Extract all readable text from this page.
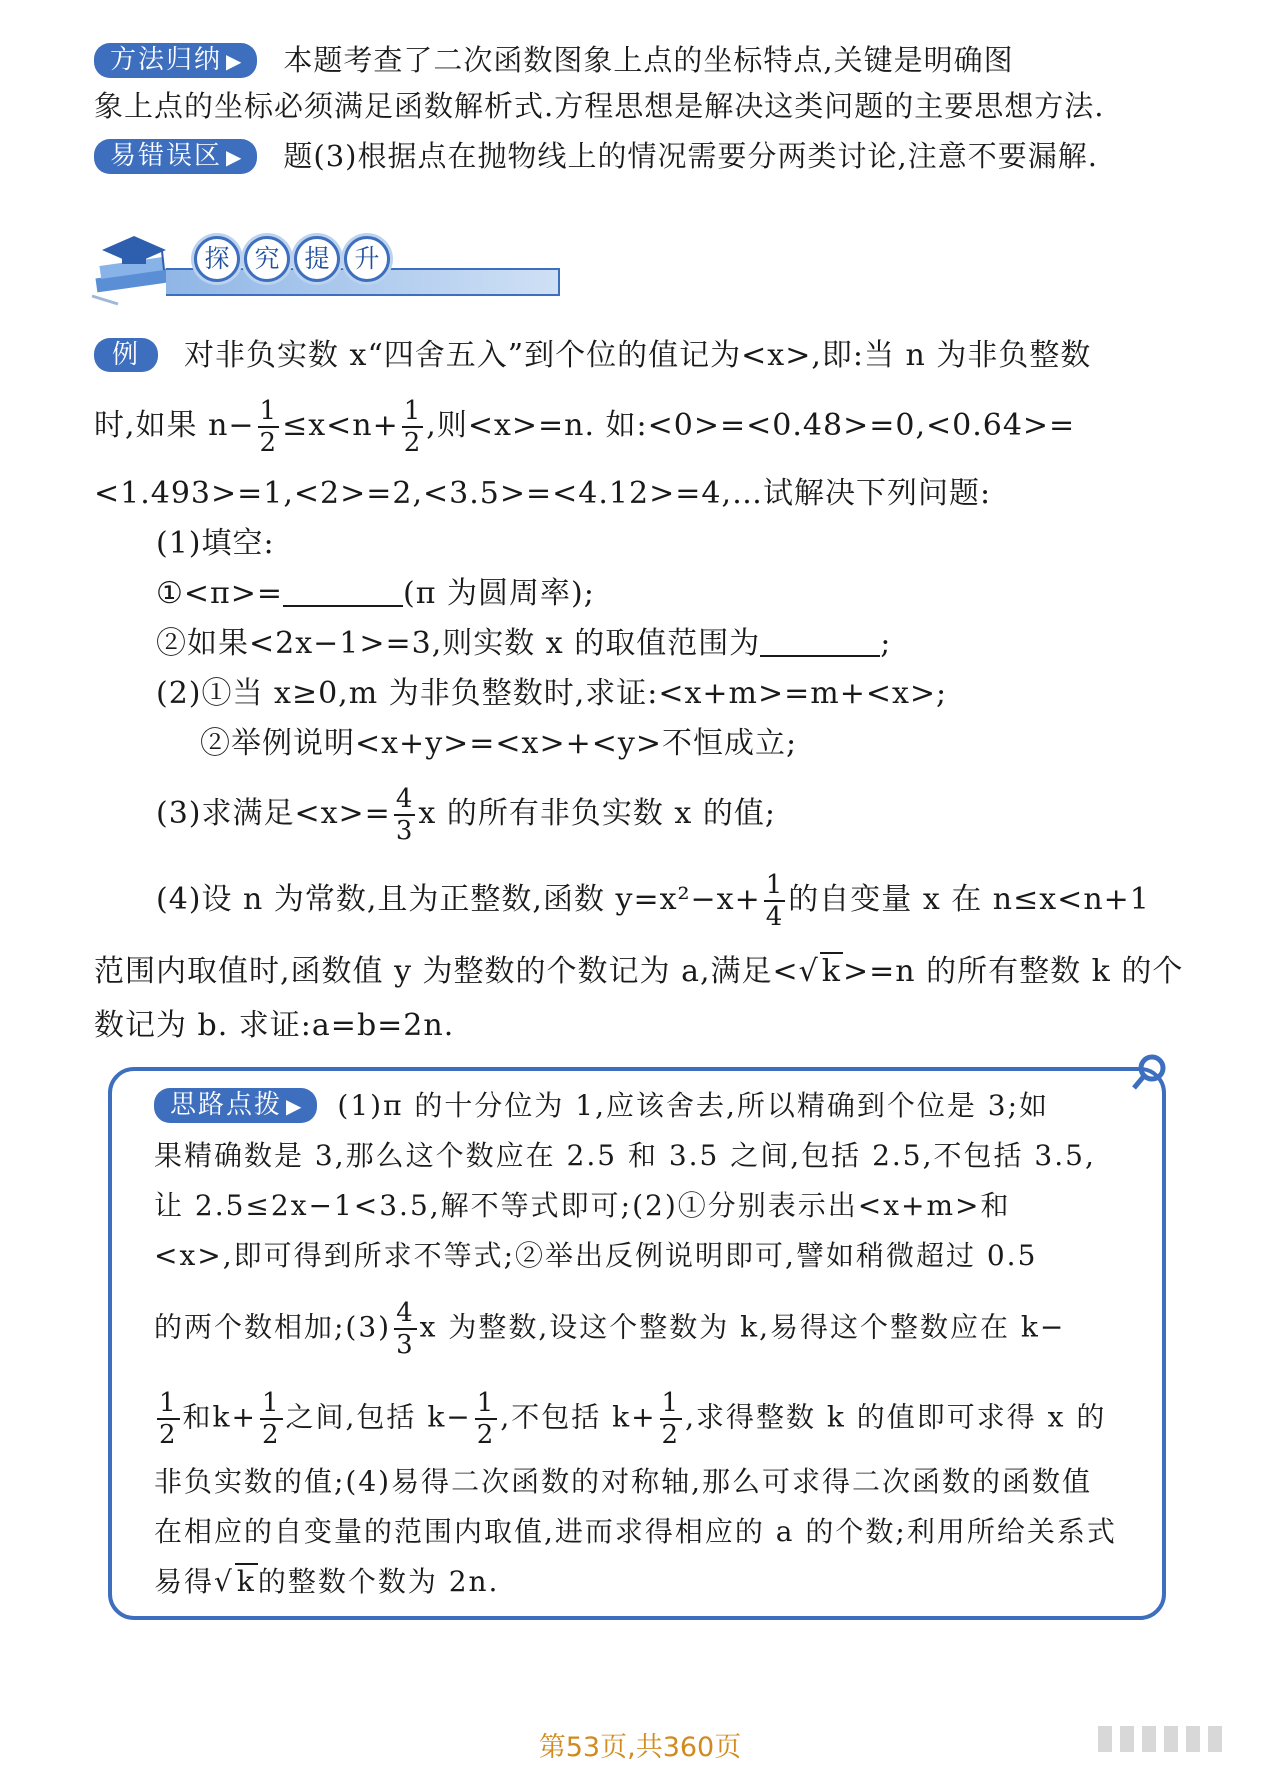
方法归纳 ▶ 本题考查了二次函数图象上点的坐标特点,关键是明确图
象上点的坐标必须满足函数解析式.方程思想是解决这类问题的主要思想方法.
易错误区 ▶ 题(3)根据点在抛物线上的情况需要分两类讨论,注意不要漏解.
探 究 提 升
例 对非负实数 x“四舍五入”到个位的值记为<x>,即:当 n 为非负整数
时,如果 $n- \frac{1}{2} \le x<n+ \frac{1}{2}$ ,则<x>=n. 如:<0>=<0.48>=0,<0.64>=
<1.493>=1,<2>=2,<3.5>=<4.12>=4,…试解决下列问题:
(1)填空:
①<π>=	(π 为圆周率);
②如果<2x−1>=3,则实数 x 的取值范围为	;
(2)①当 x≥0,m 为非负整数时,求证:<x+m>=m+<x>;
②举例说明<x+y>=<x>+<y>不恒成立;
(3)求满足$<x>= \frac{4}{3}$ x 的所有非负实数 x 的值;
(4)设 n 为常数,且为正整数,函数 $y=x^2-x+ \frac{1}{4}$ 的自变量 x 在 n≤x<n+1
范围内取值时,函数值 y 为整数的个数记为 a,满足<√ k>=n 的所有整数 k 的个
数记为 b. 求证:a=b=2n.
思路点拨 ▶ (1)π 的十分位为 1,应该舍去,所以精确到个位是 3;如
果精确数是 3,那么这个数应在 2.5 和 3.5 之间,包括 2.5,不包括 3.5,
让 2.5≤2x−1<3.5,解不等式即可;(2)①分别表示出<x+m>和
<x>,即可得到所求不等式;②举出反例说明即可,譬如稍微超过 0.5
的两个数相加;(3) $\frac{4}{3}$ x 为整数,设这个整数为 k,易得这个整数应在 k−
$\frac{1}{2}$ 和$k+ \frac{1}{2}$ 之间,包括 $k- \frac{1}{2}$ ,不包括 $k+ \frac{1}{2}$ ,求得整数 k 的值即可求得 x 的
非负实数的值;(4)易得二次函数的对称轴,那么可求得二次函数的函数值
在相应的自变量的范围内取值,进而求得相应的 a 的个数;利用所给关系式
易得√ k的整数个数为 2n.
第53页,共360页
